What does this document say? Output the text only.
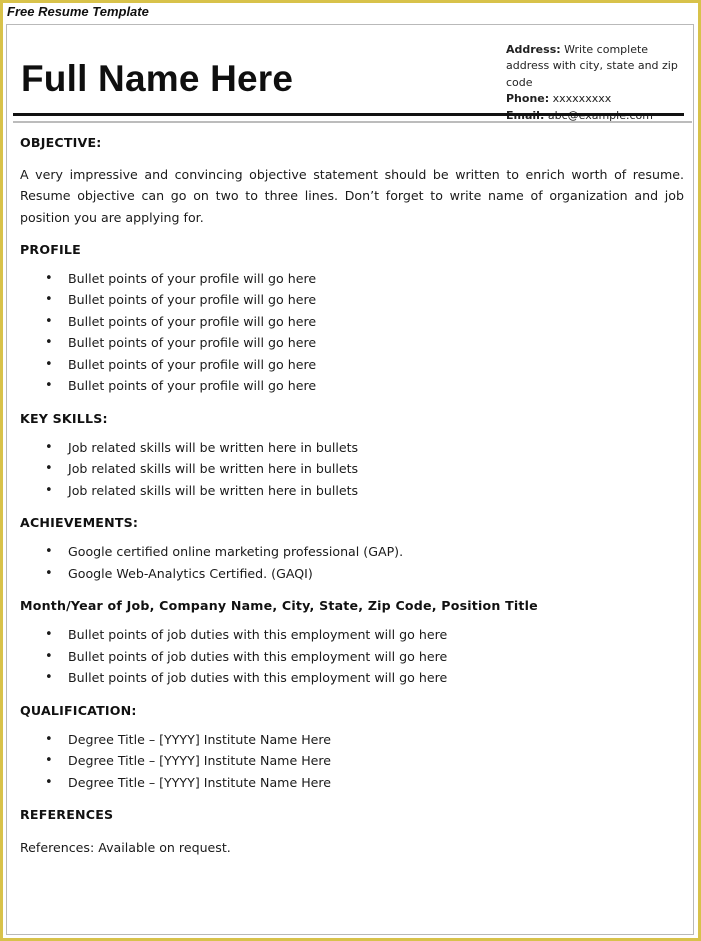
Free Resume Template
Full Name Here
Address: Write complete address with city, state and zip code
Phone: xxxxxxxxx
OBJECTIVE:
A very impressive and convincing objective statement should be written to enrich worth of resume. Resume objective can go on two to three lines. Don’t forget to write name of organization and job position you are applying for.
PROFILE
• Bullet points of your profile will go here
• Bullet points of your profile will go here
• Bullet points of your profile will go here
• Bullet points of your profile will go here
• Bullet points of your profile will go here
• Bullet points of your profile will go here
KEY SKILLS:
• Job related skills will be written here in bullets
• Job related skills will be written here in bullets
• Job related skills will be written here in bullets
ACHIEVEMENTS:
• Google certified online marketing professional (GAP).
• Google Web-Analytics Certified. (GAQI)
Month/Year of Job, Company Name, City, State, Zip Code, Position Title
• Bullet points of job duties with this employment will go here
• Bullet points of job duties with this employment will go here
• Bullet points of job duties with this employment will go here
QUALIFICATION:
• Degree Title – [YYYY] Institute Name Here
• Degree Title – [YYYY] Institute Name Here
• Degree Title – [YYYY] Institute Name Here
REFERENCES
References: Available on request.
